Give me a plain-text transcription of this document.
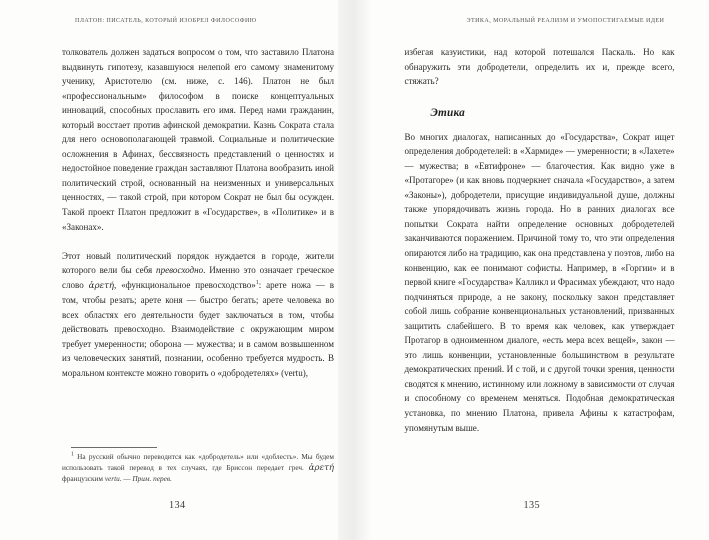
ПЛАТОН: ПИСАТЕЛЬ, КОТОРЫЙ ИЗОБРЕЛ ФИЛОСОФИЮ

толкователь должен задаться вопросом о том, что заставило Платона выдвинуть гипотезу, казавшуюся нелепой его самому знаменитому ученику, Аристотелю (см. ниже, с. 146). Платон не был «профессиональным» философом в поиске концептуальных инноваций, способных прославить его имя. Перед нами гражданин, который восстает против афинской демократии. Казнь Сократа стала для него основополагающей травмой. Социальные и политические осложнения в Афинах, бессвязность представлений о ценностях и недостойное поведение граждан заставляют Платона вообразить иной политический строй, основанный на неизменных и универсальных ценностях, — такой строй, при котором Сократ не был бы осужден. Такой проект Платон предложит в «Государстве», в «Политике» и в «Законах».

Этот новый политический порядок нуждается в городе, жители которого вели бы себя превосходно. Именно это означает греческое слово ἀρετή, «функциональное превосходство»$^1$: арете ножа — в том, чтобы резать; арете коня — быстро бегать; арете человека во всех областях его деятельности будет заключаться в том, чтобы действовать превосходно. Взаимодействие с окружающим миром требует умеренности; оборона — мужества; и в самом возвышенном из человеческих занятий, познании, особенно требуется мудрость. В моральном контексте можно говорить о «добродетелях» (vertu),

$^1$ На русский обычно переводится как «добродетель» или «доблесть». Мы будем использовать такой перевод в тех случаях, где Бриссон передает греч. ἀρετή французским vertu. — Прим. перев.

134
ЭТИКА, МОРАЛЬНЫЙ РЕАЛИЗМ И УМОПОСТИГАЕМЫЕ ИДЕИ

избегая казуистики, над которой потешался Паскаль. Но как обнаружить эти добродетели, определить их и, прежде всего, стяжать?

Этика

Во многих диалогах, написанных до «Государства», Сократ ищет определения добродетелей: в «Хармиде» — умеренности; в «Лахете» — мужества; в «Евтифроне» — благочестия. Как видно уже в «Протагоре» (и как вновь подчеркнет сначала «Государство», а затем «Законы»), добродетели, присущие индивидуальной душе, должны также упорядочивать жизнь города. Но в ранних диалогах все попытки Сократа найти определение основных добродетелей заканчиваются поражением. Причиной тому то, что эти определения опираются либо на традицию, как она представлена у поэтов, либо на конвенцию, как ее понимают софисты. Например, в «Горгии» и в первой книге «Государства» Калликл и Фрасимах убеждают, что надо подчиняться природе, а не закону, поскольку закон представляет собой лишь собрание конвенциональных установлений, призванных защитить слабейшего. В то время как человек, как утверждает Протагор в одноименном диалоге, «есть мера всех вещей», закон — это лишь конвенции, установленные большинством в результате демократических прений. И с той, и с другой точки зрения, ценности сводятся к мнению, истинному или ложному в зависимости от случая и способному со временем меняться. Подобная демократическая установка, по мнению Платона, привела Афины к катастрофам, упомянутым выше.

135
